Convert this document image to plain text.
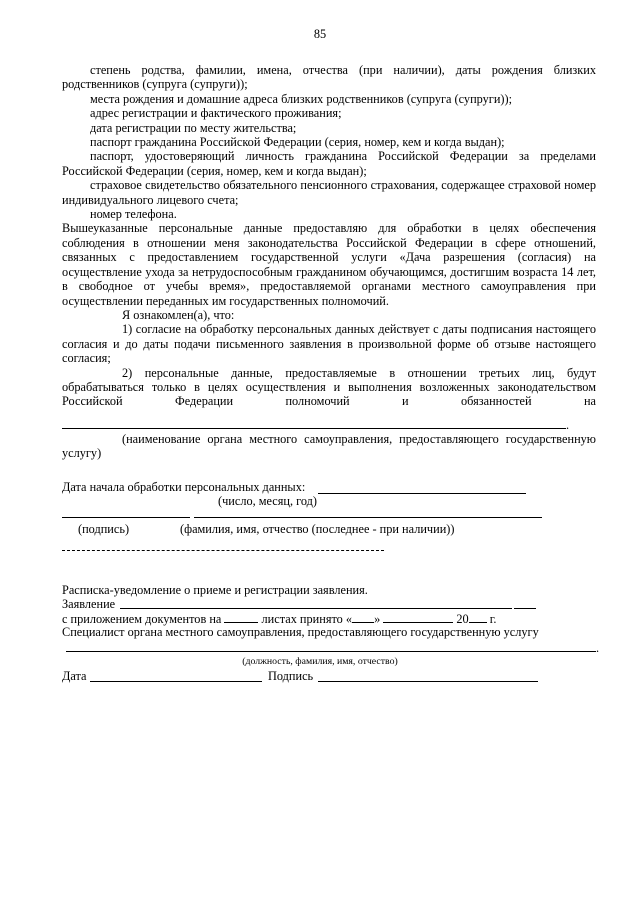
85
степень родства, фамилии, имена, отчества (при наличии), даты рождения близких родственников (супруга (супруги));
места рождения и домашние адреса близких родственников (супруга (супруги));
адрес регистрации и фактического проживания;
дата регистрации по месту жительства;
паспорт гражданина Российской Федерации (серия, номер, кем и когда выдан);
паспорт, удостоверяющий личность гражданина Российской Федерации за пределами Российской Федерации (серия, номер, кем и когда выдан);
страховое свидетельство обязательного пенсионного страхования, содержащее страховой номер индивидуального лицевого счета;
номер телефона.
Вышеуказанные персональные данные предоставляю для обработки в целях обеспечения соблюдения в отношении меня законодательства Российской Федерации в сфере отношений, связанных с предоставлением государственной услуги «Дача разрешения (согласия) на осуществление ухода за нетрудоспособным гражданином обучающимся, достигшим возраста 14 лет, в свободное от учебы время», предоставляемой органами местного самоуправления при осуществлении переданных им государственных полномочий.
Я ознакомлен(а), что:
1) согласие на обработку персональных данных действует с даты подписания настоящего согласия и до даты подачи письменного заявления в произвольной форме об отзыве настоящего согласия;
2) персональные данные, предоставляемые в отношении третьих лиц, будут обрабатываться только в целях осуществления и выполнения возложенных законодательством Российской Федерации полномочий и обязанностей на
.
(наименование органа местного самоуправления, предоставляющего государственную услугу)
Дата начала обработки персональных данных:
(число, месяц, год)
(подпись)	(фамилия, имя, отчество (последнее - при наличии))
Расписка-уведомление о приеме и регистрации заявления.
Заявление
с приложением документов на	листах принято « »	20 г.
Специалист органа местного самоуправления, предоставляющего государственную услугу
.
(должность, фамилия, имя, отчество)
Дата	Подпись
